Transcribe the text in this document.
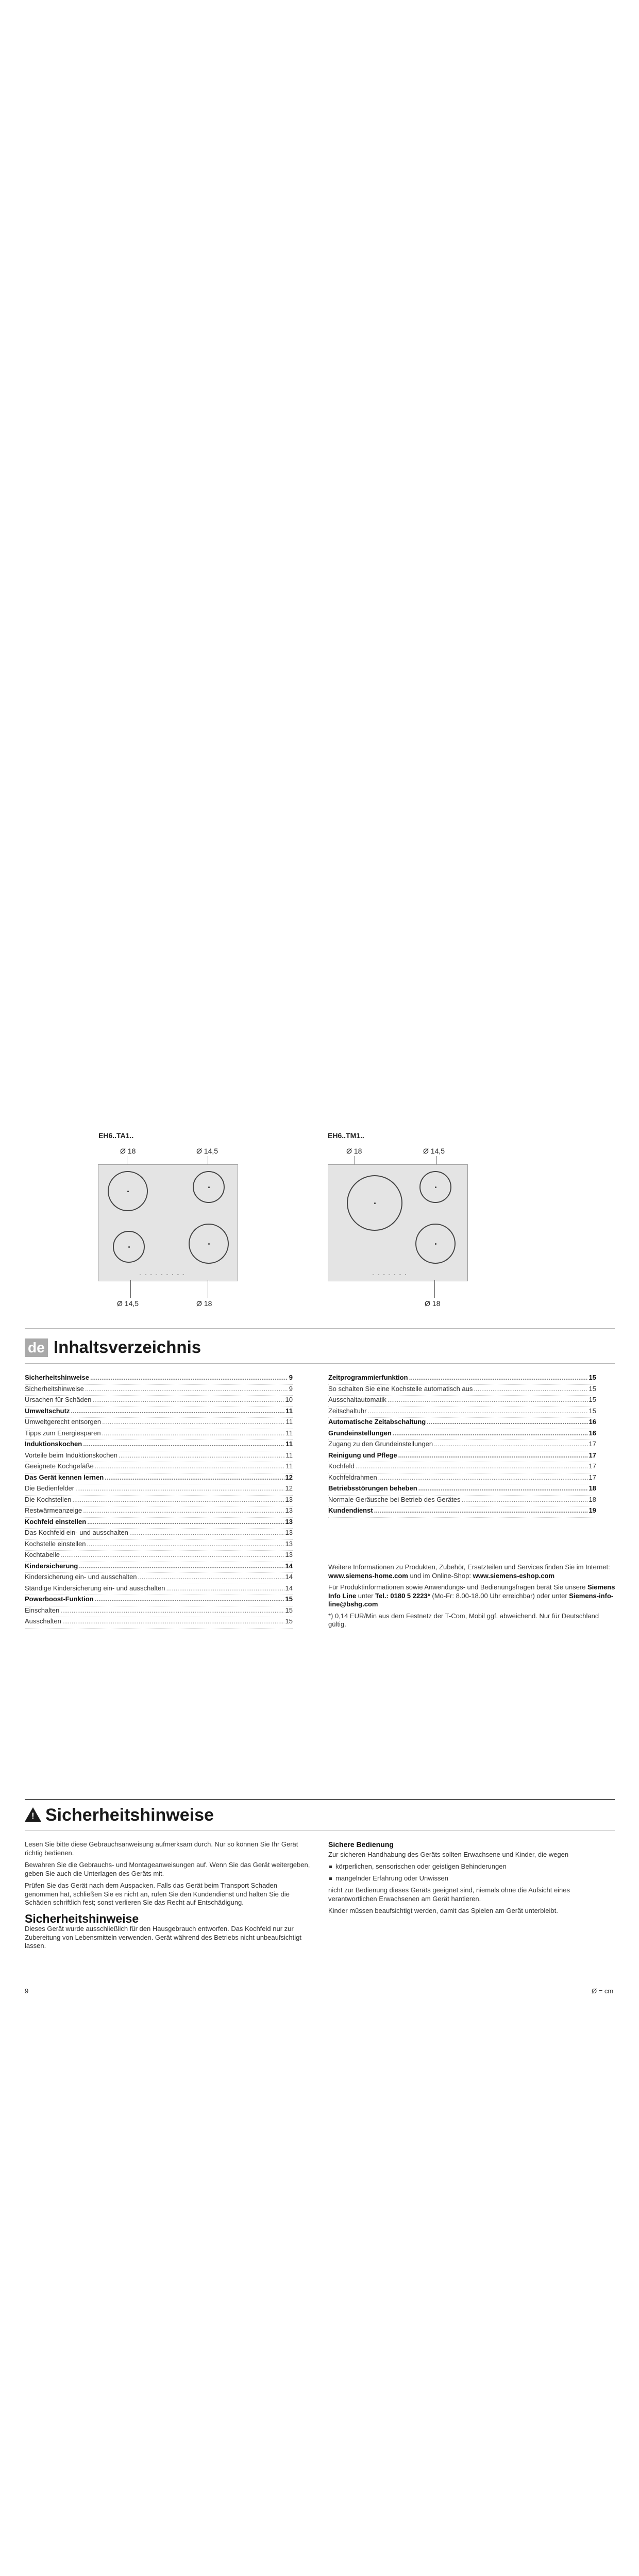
EH6..TA1..
Ø 18	Ø 14,5
▫ ▫ ▫ ▫ ▫ ▫ ▫ ▫ ▫
Ø 14,5	Ø 18
EH6..TM1..
Ø 18	Ø 14,5
▫ ▫ ▫ ▫ ▫ ▫ ▫
Ø 18
de Inhaltsverzeichnis
Sicherheitshinweise .....	9
Sicherheitshinweise .....	9
Ursachen für Schäden .....	10
Umweltschutz .....	11
Umweltgerecht entsorgen .....	11
Tipps zum Energiesparen .....	11
Induktionskochen .....	11
Vorteile beim Induktionskochen .....	11
Geeignete Kochgefäße .....	11
Das Gerät kennen lernen .....	12
Die Bedienfelder .....	12
Die Kochstellen .....	13
Restwärmeanzeige .....	13
Kochfeld einstellen .....	13
Das Kochfeld ein- und ausschalten .....	13
Kochstelle einstellen .....	13
Kochtabelle .....	13
Kindersicherung .....	14
Kindersicherung ein- und ausschalten .....	14
Ständige Kindersicherung ein- und ausschalten .....	14
Powerboost-Funktion .....	15
Einschalten .....	15
Ausschalten .....	15
Zeitprogrammierfunktion .....	15
So schalten Sie eine Kochstelle automatisch aus .....	15
Ausschaltautomatik .....	15
Zeitschaltuhr .....	15
Automatische Zeitabschaltung .....	16
Grundeinstellungen .....	16
Zugang zu den Grundeinstellungen .....	17
Reinigung und Pflege .....	17
Kochfeld .....	17
Kochfeldrahmen .....	17
Betriebsstörungen beheben .....	18
Normale Geräusche bei Betrieb des Gerätes .....	18
Kundendienst .....	19

Weitere Informationen zu Produkten, Zubehör, Ersatzteilen und Services finden Sie im Internet: www.siemens-home.com und im Online-Shop: www.siemens-eshop.com

Für Produktinformationen sowie Anwendungs- und Bedienungsfragen berät Sie unsere Siemens Info Line unter Tel.: 0180 5 2223* (Mo-Fr: 8.00-18.00 Uhr erreichbar) oder unter Siemens-info-line@bshg.com

*) 0,14 EUR/Min aus dem Festnetz der T-Com, Mobil ggf. abweichend. Nur für Deutschland gültig.

!Sicherheitshinweise

Lesen Sie bitte diese Gebrauchsanweisung aufmerksam durch. Nur so können Sie Ihr Gerät richtig bedienen.

Bewahren Sie die Gebrauchs- und Montageanweisungen auf. Wenn Sie das Gerät weitergeben, geben Sie auch die Unterlagen des Geräts mit.

Prüfen Sie das Gerät nach dem Auspacken. Falls das Gerät beim Transport Schaden genommen hat, schließen Sie es nicht an, rufen Sie den Kundendienst und halten Sie die Schäden schriftlich fest; sonst verlieren Sie das Recht auf Entschädigung.

Sicherheitshinweise

Dieses Gerät wurde ausschließlich für den Hausgebrauch entworfen. Das Kochfeld nur zur Zubereitung von Lebensmitteln verwenden. Gerät während des Betriebs nicht unbeaufsichtigt lassen.

Sichere Bedienung

Zur sicheren Handhabung des Geräts sollten Erwachsene und Kinder, die wegen

körperlichen, sensorischen oder geistigen Behinderungen
mangelnder Erfahrung oder Unwissen

nicht zur Bedienung dieses Geräts geeignet sind, niemals ohne die Aufsicht eines verantwortlichen Erwachsenen am Gerät hantieren.

Kinder müssen beaufsichtigt werden, damit das Spielen am Gerät unterbleibt.

9	Ø = cm
